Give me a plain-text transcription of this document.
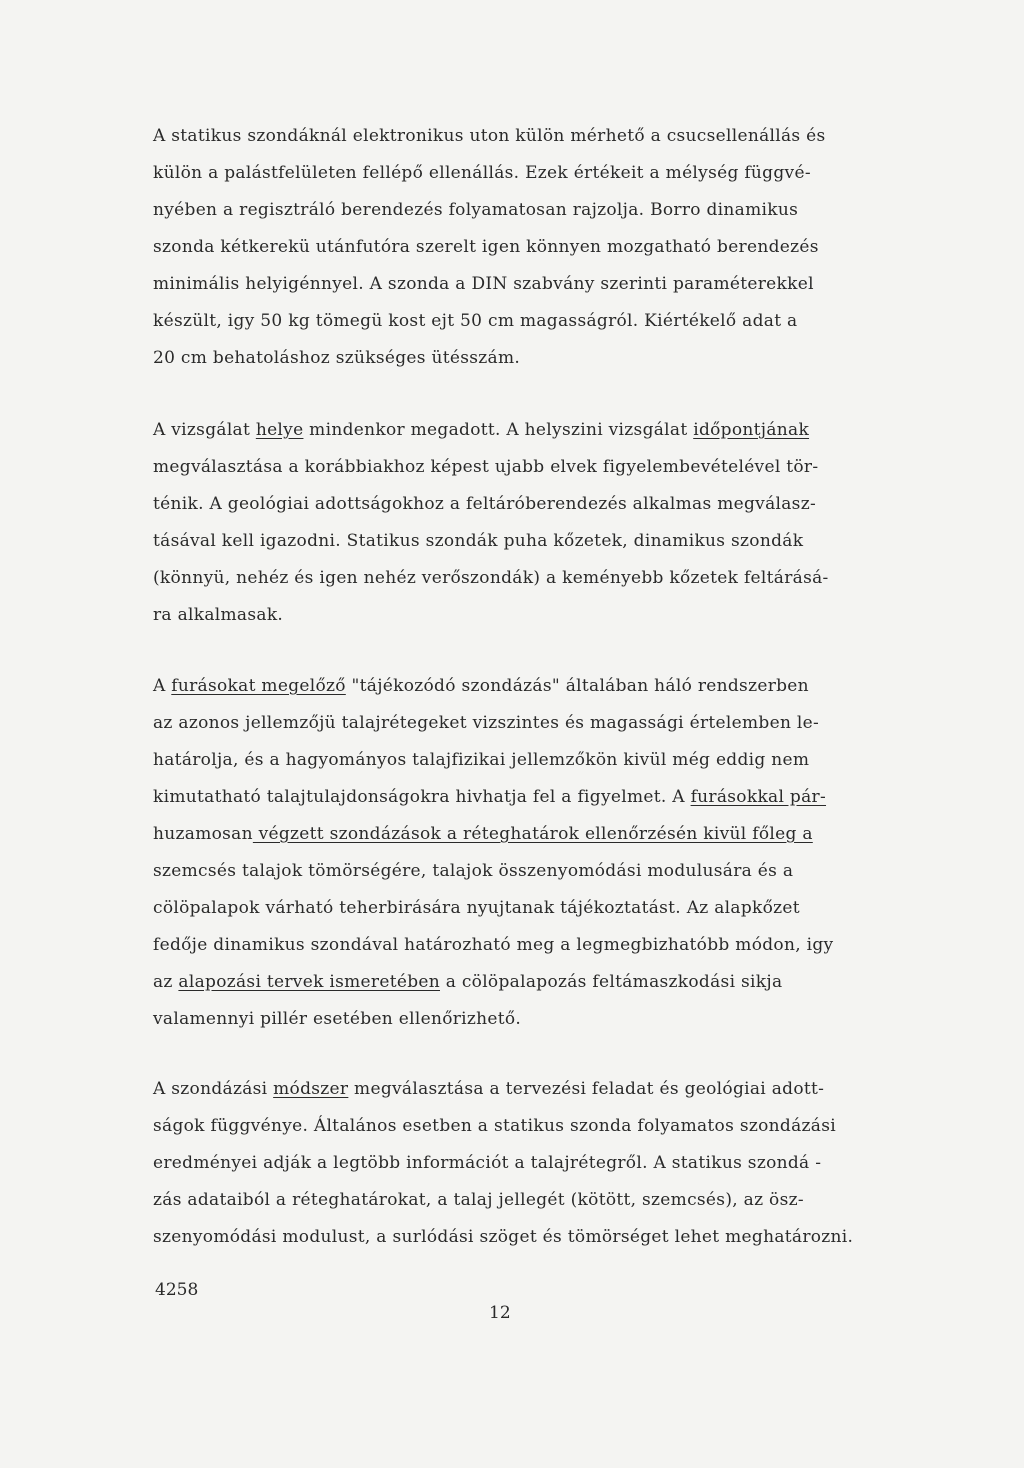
A statikus szondáknál elektronikus uton külön mérhető a csucsellenállás és
külön a palástfelületen fellépő ellenállás. Ezek értékeit a mélység függvé-
nyében a regisztráló berendezés folyamatosan rajzolja. Borro dinamikus
szonda kétkerekü utánfutóra szerelt igen könnyen mozgatható berendezés
minimális helyigénnyel. A szonda a DIN szabvány szerinti paraméterekkel
készült, igy 50 kg tömegü kost ejt 50 cm magasságról. Kiértékelő adat a
20 cm behatoláshoz szükséges ütésszám.
A vizsgálat helye mindenkor megadott. A helyszini vizsgálat időpontjának
megválasztása a korábbiakhoz képest ujabb elvek figyelembevételével tör-
ténik. A geológiai adottságokhoz a feltáróberendezés alkalmas megválasz-
tásával kell igazodni. Statikus szondák puha kőzetek, dinamikus szondák
(könnyü, nehéz és igen nehéz verőszondák) a keményebb kőzetek feltárásá-
ra alkalmasak.
A furásokat megelőző "tájékozódó szondázás" általában háló rendszerben
az azonos jellemzőjü talajrétegeket vizszintes és magassági értelemben le-
határolja, és a hagyományos talajfizikai jellemzőkön kivül még eddig nem
kimutatható talajtulajdonságokra hivhatja fel a figyelmet. A furásokkal pár-
huzamosan végzett szondázások a réteghatárok ellenőrzésén kivül főleg a
szemcsés talajok tömörségére, talajok összenyomódási modulusára és a
cölöpalapok várható teherbirására nyujtanak tájékoztatást. Az alapkőzet
fedője dinamikus szondával határozható meg a legmegbizhatóbb módon, igy
az alapozási tervek ismeretében a cölöpalapozás feltámaszkodási sikja
valamennyi pillér esetében ellenőrizhető.
A szondázási módszer megválasztása a tervezési feladat és geológiai adott-
ságok függvénye. Általános esetben a statikus szonda folyamatos szondázási
eredményei adják a legtöbb információt a talajrétegről. A statikus szondá -
zás adataiból a réteghatárokat, a talaj jellegét (kötött, szemcsés), az ösz-
szenyomódási modulust, a surlódási szöget és tömörséget lehet meghatározni.
4258
12
